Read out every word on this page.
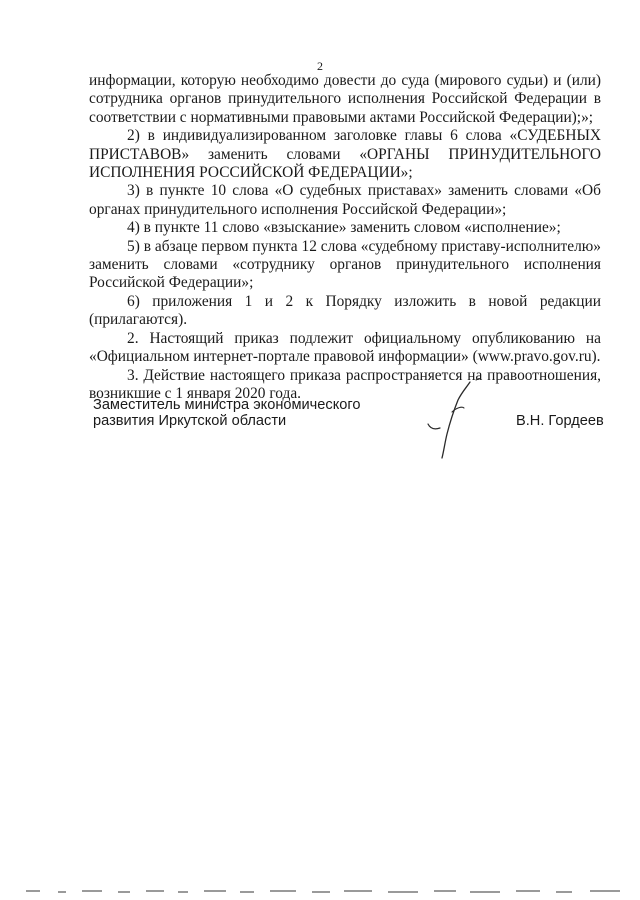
2

информации, которую необходимо довести до суда (мирового судьи) и (или) сотрудника органов принудительного исполнения Российской Федерации в соответствии с нормативными правовыми актами Российской Федерации);»;

2) в индивидуализированном заголовке главы 6 слова «СУДЕБНЫХ ПРИСТАВОВ» заменить словами «ОРГАНЫ ПРИНУДИТЕЛЬНОГО ИСПОЛНЕНИЯ РОССИЙСКОЙ ФЕДЕРАЦИИ»;

3) в пункте 10 слова «О судебных приставах» заменить словами «Об органах принудительного исполнения Российской Федерации»;

4) в пункте 11 слово «взыскание» заменить словом «исполнение»;

5) в абзаце первом пункта 12 слова «судебному приставу-исполнителю» заменить словами «сотруднику органов принудительного исполнения Российской Федерации»;

6) приложения 1 и 2 к Порядку изложить в новой редакции (прилагаются).

2. Настоящий приказ подлежит официальному опубликованию на «Официальном интернет-портале правовой информации» (www.pravo.gov.ru).

3. Действие настоящего приказа распространяется на правоотношения, возникшие с 1 января 2020 года.

Заместитель министра экономического
развития Иркутской области	В.Н. Гордеев
